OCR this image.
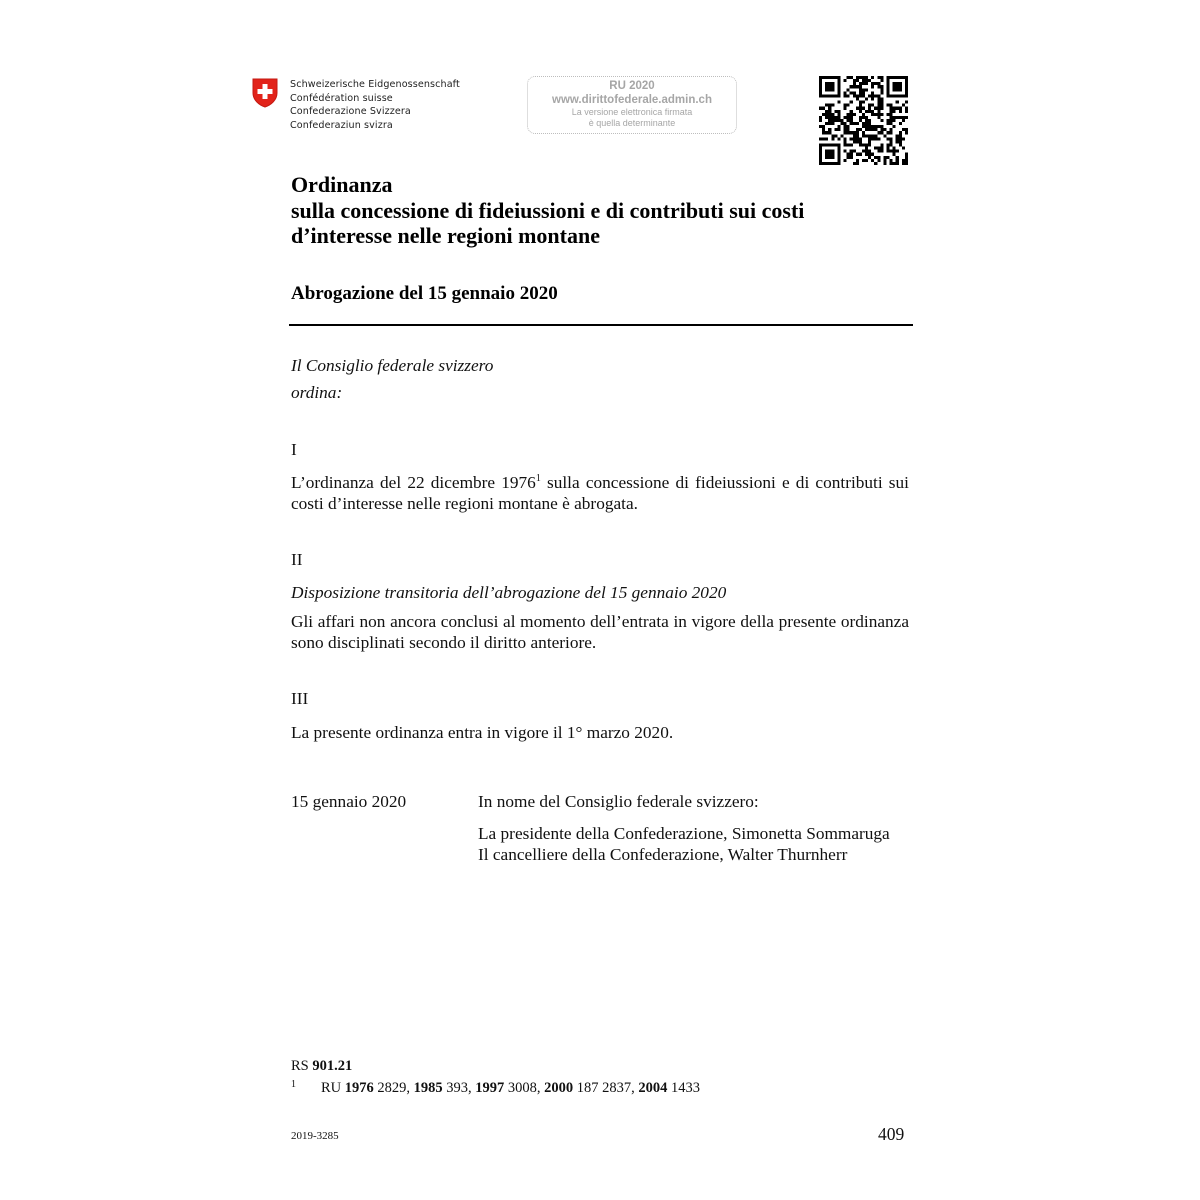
Schweizerische Eidgenossenschaft
Confédération suisse
Confederazione Svizzera
Confederaziun svizra
RU 2020
www.dirittofederale.admin.ch
La versione elettronica firmata
è quella determinante
Ordinanza
sulla concessione di fideiussioni e di contributi sui costi
d’interesse nelle regioni montane
Abrogazione del 15 gennaio 2020
Il Consiglio federale svizzero
ordina:
I
L’ordinanza del 22 dicembre 1976$^1$ sulla concessione di fideiussioni e di contributi sui costi d’interesse nelle regioni montane è abrogata.
II
Disposizione transitoria dell’abrogazione del 15 gennaio 2020
Gli affari non ancora conclusi al momento dell’entrata in vigore della presente ordinanza sono disciplinati secondo il diritto anteriore.
III
La presente ordinanza entra in vigore il 1° marzo 2020.
15 gennaio 2020	In nome del Consiglio federale svizzero:
La presidente della Confederazione, Simonetta Sommaruga
Il cancelliere della Confederazione, Walter Thurnherr
RS 901.21
$^1$ RU 1976 2829, 1985 393, 1997 3008, 2000 187 2837, 2004 1433
2019-3285	409
